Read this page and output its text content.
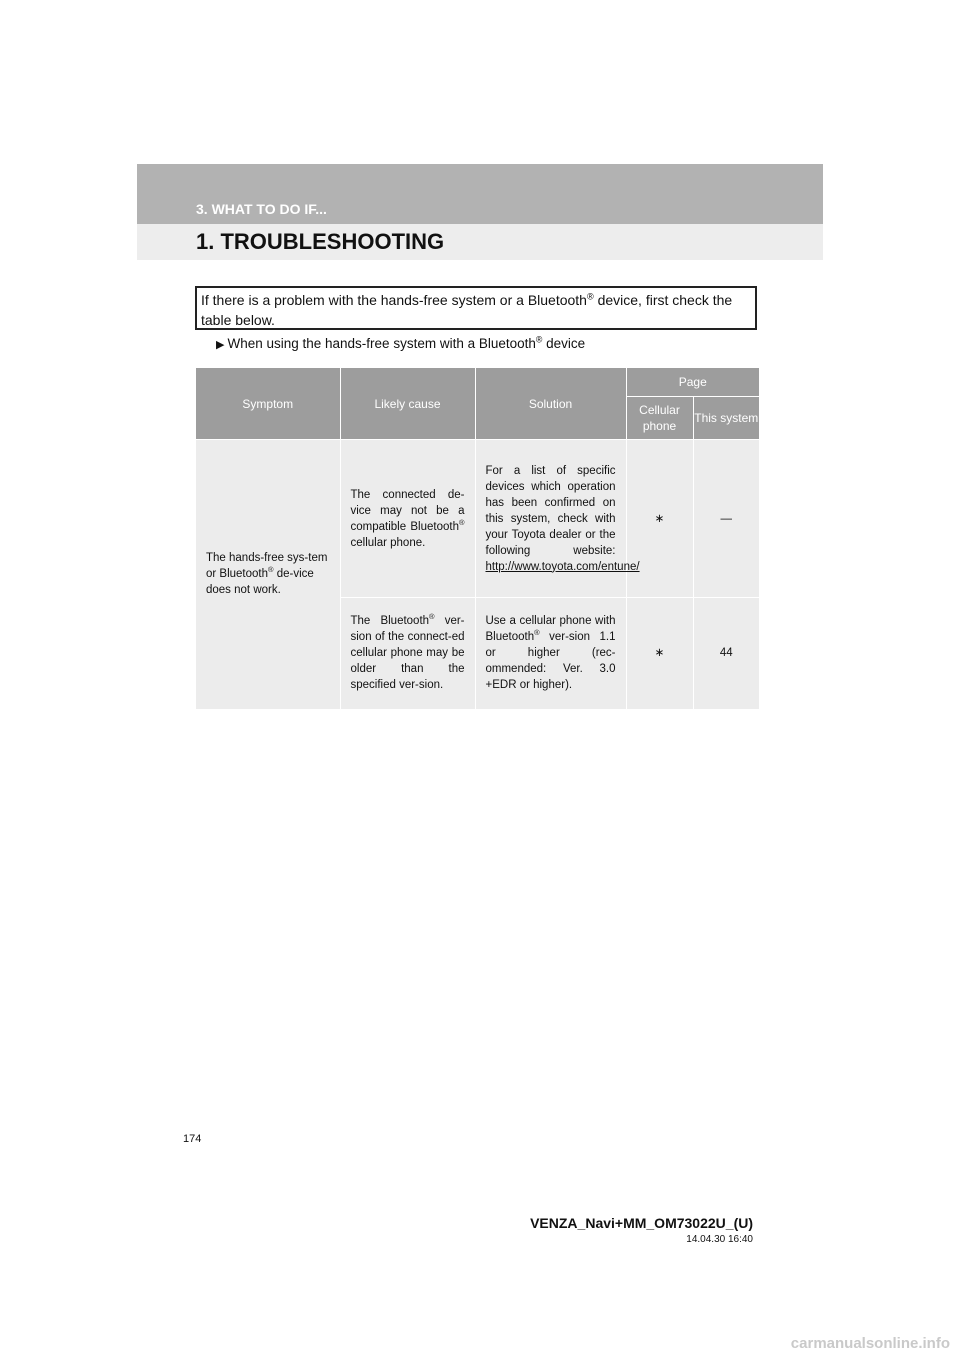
3. WHAT TO DO IF...
1. TROUBLESHOOTING
If there is a problem with the hands-free system or a Bluetooth® device, first check the table below.
▶ When using the hands-free system with a Bluetooth® device
Symptom	Likely cause	Solution	Page	
			Cellular phone	This system
The hands-free sys-tem or Bluetooth® de-vice does not work.	The connected de-vice may not be a compatible Bluetooth® cellular phone.	For a list of specific devices which operation has been confirmed on this system, check with your Toyota dealer or the following website: http://www.toyota.com/entune/	∗	—
	The Bluetooth® ver-sion of the connect-ed cellular phone may be older than the specified ver-sion.	Use a cellular phone with Bluetooth® ver-sion 1.1 or higher (rec-ommended: Ver. 3.0 +EDR or higher).	∗	44
174
VENZA_Navi+MM_OM73022U_(U)
14.04.30 16:40
carmanualsonline.info
